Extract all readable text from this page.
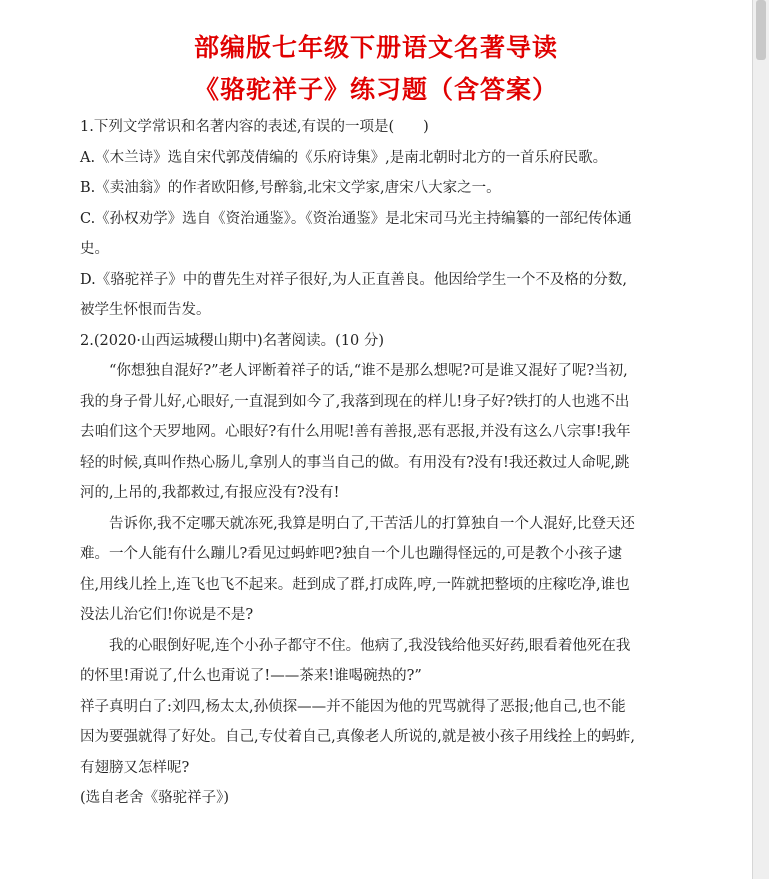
部编版七年级下册语文名著导读
《骆驼祥子》练习题（含答案）

1.下列文学常识和名著内容的表述,有误的一项是(　　)

A.《木兰诗》选自宋代郭茂倩编的《乐府诗集》,是南北朝时北方的一首乐府民歌。

B.《卖油翁》的作者欧阳修,号醉翁,北宋文学家,唐宋八大家之一。

C.《孙权劝学》选自《资治通鉴》。《资治通鉴》是北宋司马光主持编纂的一部纪传体通史。

D.《骆驼祥子》中的曹先生对祥子很好,为人正直善良。他因给学生一个不及格的分数,被学生怀恨而告发。

2.(2020·山西运城稷山期中)名著阅读。(10 分)

“你想独自混好?”老人评断着祥子的话,“谁不是那么想呢?可是谁又混好了呢?当初,我的身子骨儿好,心眼好,一直混到如今了,我落到现在的样儿!身子好?铁打的人也逃不出去咱们这个天罗地网。心眼好?有什么用呢!善有善报,恶有恶报,并没有这么八宗事!我年轻的时候,真叫作热心肠儿,拿别人的事当自己的做。有用没有?没有!我还救过人命呢,跳河的,上吊的,我都救过,有报应没有?没有!

告诉你,我不定哪天就冻死,我算是明白了,干苦活儿的打算独自一个人混好,比登天还难。一个人能有什么蹦儿?看见过蚂蚱吧?独自一个儿也蹦得怪远的,可是教个小孩子逮住,用线儿拴上,连飞也飞不起来。赶到成了群,打成阵,哼,一阵就把整顷的庄稼吃净,谁也没法儿治它们!你说是不是?

我的心眼倒好呢,连个小孙子都守不住。他病了,我没钱给他买好药,眼看着他死在我的怀里!甭说了,什么也甭说了!——茶来!谁喝碗热的?”

祥子真明白了:刘四,杨太太,孙侦探——并不能因为他的咒骂就得了恶报;他自己,也不能因为要强就得了好处。自己,专仗着自己,真像老人所说的,就是被小孩子用线拴上的蚂蚱,有翅膀又怎样呢?

(选自老舍《骆驼祥子》)
